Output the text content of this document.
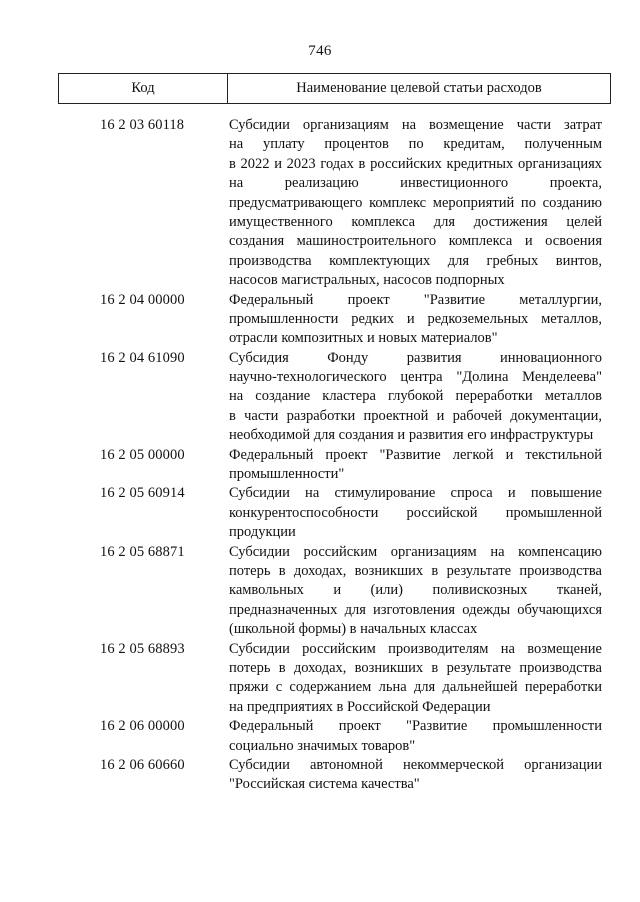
746
Код	Наименование целевой статьи расходов
16 2 03 60118	Субсидии организациям на возмещение части затрат
на уплату процентов по кредитам, полученным
в 2022 и 2023 годах в российских кредитных организациях
на реализацию инвестиционного проекта,
предусматривающего комплекс мероприятий по созданию
имущественного комплекса для достижения целей
создания машиностроительного комплекса и освоения
производства комплектующих для гребных винтов,
насосов магистральных, насосов подпорных
16 2 04 00000	Федеральный проект "Развитие металлургии,
промышленности редких и редкоземельных металлов,
отрасли композитных и новых материалов"
16 2 04 61090	Субсидия Фонду развития инновационного
научно-технологического центра "Долина Менделеева"
на создание кластера глубокой переработки металлов
в части разработки проектной и рабочей документации,
необходимой для создания и развития его инфраструктуры
16 2 05 00000	Федеральный проект "Развитие легкой и текстильной
промышленности"
16 2 05 60914	Субсидии на стимулирование спроса и повышение
конкурентоспособности российской промышленной
продукции
16 2 05 68871	Субсидии российским организациям на компенсацию
потерь в доходах, возникших в результате производства
камвольных и (или) поливискозных тканей,
предназначенных для изготовления одежды обучающихся
(школьной формы) в начальных классах
16 2 05 68893	Субсидии российским производителям на возмещение
потерь в доходах, возникших в результате производства
пряжи с содержанием льна для дальнейшей переработки
на предприятиях в Российской Федерации
16 2 06 00000	Федеральный проект "Развитие промышленности
социально значимых товаров"
16 2 06 60660	Субсидии автономной некоммерческой организации
"Российская система качества"
